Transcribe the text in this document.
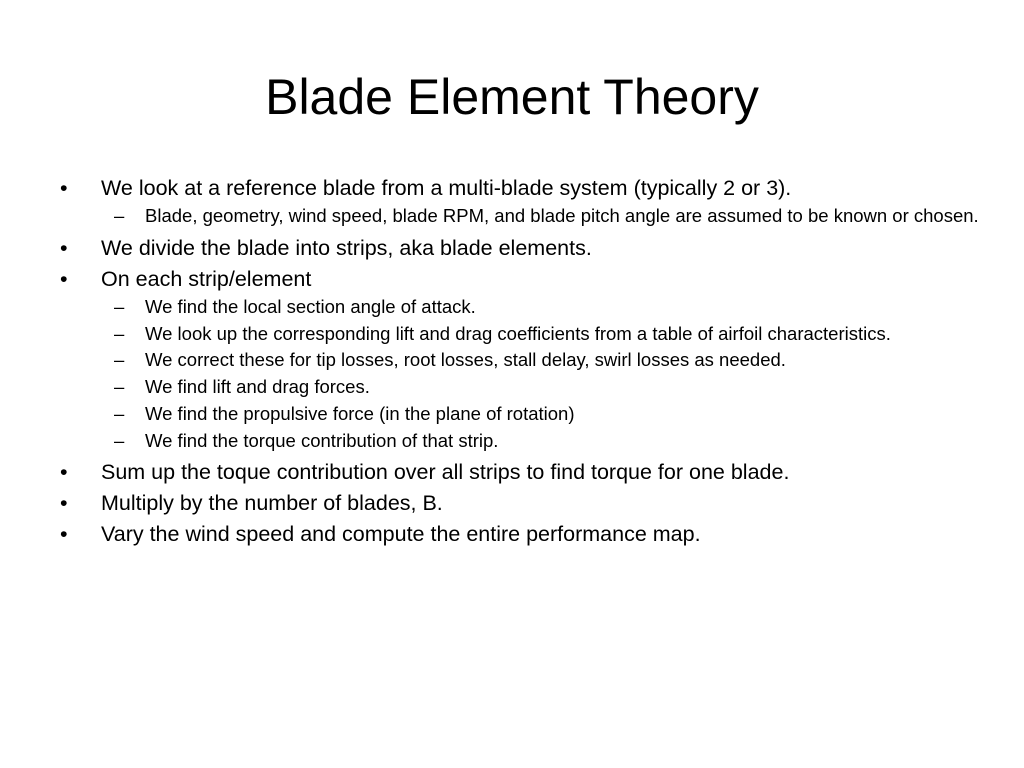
Blade Element Theory
• We look at a reference blade from a multi-blade system (typically 2 or 3).
– Blade, geometry, wind speed, blade RPM, and blade pitch angle are assumed to be known or chosen.
• We divide the blade into strips, aka blade elements.
• On each strip/element
– We find the local section angle of attack.
– We look up the corresponding lift and drag coefficients from a table of airfoil characteristics.
– We correct these for tip losses, root losses, stall delay, swirl losses as needed.
– We find lift and drag forces.
– We find the propulsive force (in the plane of rotation)
– We find the torque contribution of that strip.
• Sum up the toque contribution over all strips to find torque for one blade.
• Multiply by the number of blades, B.
• Vary the wind speed and compute the entire performance map.
